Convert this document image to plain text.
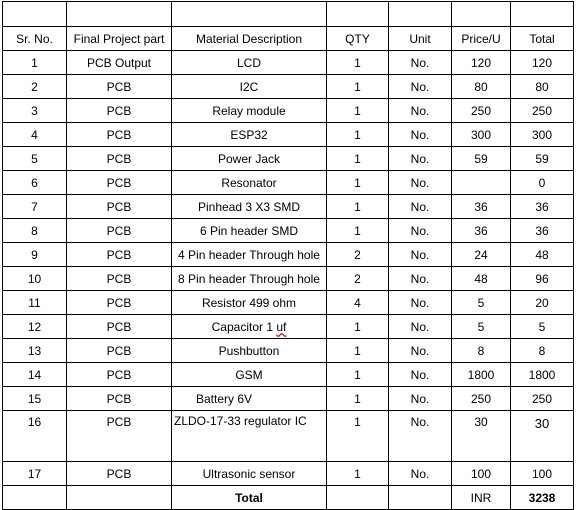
Sr. No.	Final Project part	Material Description	QTY	Unit	Price/U	Total
1	PCB Output	LCD	1	No.	120	120
2	PCB	I2C	1	No.	80	80
3	PCB	Relay module	1	No.	250	250
4	PCB	ESP32	1	No.	300	300
5	PCB	Power Jack	1	No.	59	59
6	PCB	Resonator	1	No.		0
7	PCB	Pinhead 3 X3 SMD	1	No.	36	36
8	PCB	6 Pin header SMD	1	No.	36	36
9	PCB	4 Pin header Through hole	2	No.	24	48
10	PCB	8 Pin header Through hole	2	No.	48	96
11	PCB	Resistor 499 ohm	4	No.	5	20
12	PCB	Capacitor 1 uf	1	No.	5	5
13	PCB	Pushbutton	1	No.	8	8
14	PCB	GSM	1	No.	1800	1800
15	PCB	Battery 6V	1	No.	250	250
16	PCB	ZLDO-17-33 regulator IC	1	No.	30	30
17	PCB	Ultrasonic sensor	1	No.	100	100
		Total			INR	3238
